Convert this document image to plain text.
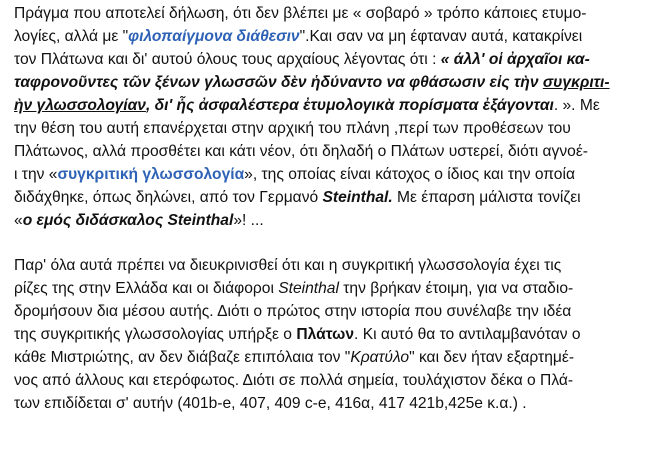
Πράγμα που αποτελεί δήλωση, ότι δεν βλέπει με « σοβαρό » τρόπο κάποιες ετυμο-
λογίες, αλλά με "φιλοπαίγμονα διάθεσιν".Και σαν να μη έφταναν αυτά, κατακρίνει
τον Πλάτωνα και δι' αυτού όλους τους αρχαίους λέγοντας ότι : « άλλ' οἱ ἀρχαῖοι κα-
ταφρονοῦντες τῶν ξένων γλωσσῶν δὲν ἠδύναντο να φθάσωσιν εἰς τὴν συγκριτι-
ὴν γλωσσολογίαν, δι' ἧς ἀσφαλέστερα ἐτυμολογικὰ πορίσματα ἐξάγονται. ». Με
την θέση του αυτή επανέρχεται στην αρχική του πλάνη ,περί των προθέσεων του
Πλάτωνος, αλλά προσθέτει και κάτι νέον, ότι δηλαδή ο Πλάτων υστερεί, διότι αγνοέ-
ι την «συγκριτική γλωσσολογία», της οποίας είναι κάτοχος ο ίδιος και την οποία
διδάχθηκε, όπως δηλώνει, από τον Γερμανό Steinthal. Με έπαρση μάλιστα τονίζει
«ο εμός διδάσκαλος Steinthal»! ...
Παρ' όλα αυτά πρέπει να διευκρινισθεί ότι και η συγκριτική γλωσσολογία έχει τις
ρίζες της στην Ελλάδα και οι διάφοροι Steinthal την βρήκαν έτοιμη, για να σταδιο-
δρομήσουν δια μέσου αυτής. Διότι ο πρώτος στην ιστορία που συνέλαβε την ιδέα
της συγκριτικής γλωσσολογίας υπήρξε ο Πλάτων. Κι αυτό θα το αντιλαμβανόταν ο
κάθε Μιστριώτης, αν δεν διάβαζε επιπόλαια τον "Κρατύλο" και δεν ήταν εξαρτημέ-
νος από άλλους και ετερόφωτος. Διότι σε πολλά σημεία, τουλάχιστον δέκα ο Πλά-
των επιδίδεται σ' αυτήν (401b-e, 407, 409 c-e, 416α, 417 421b,425e κ.α.) .
